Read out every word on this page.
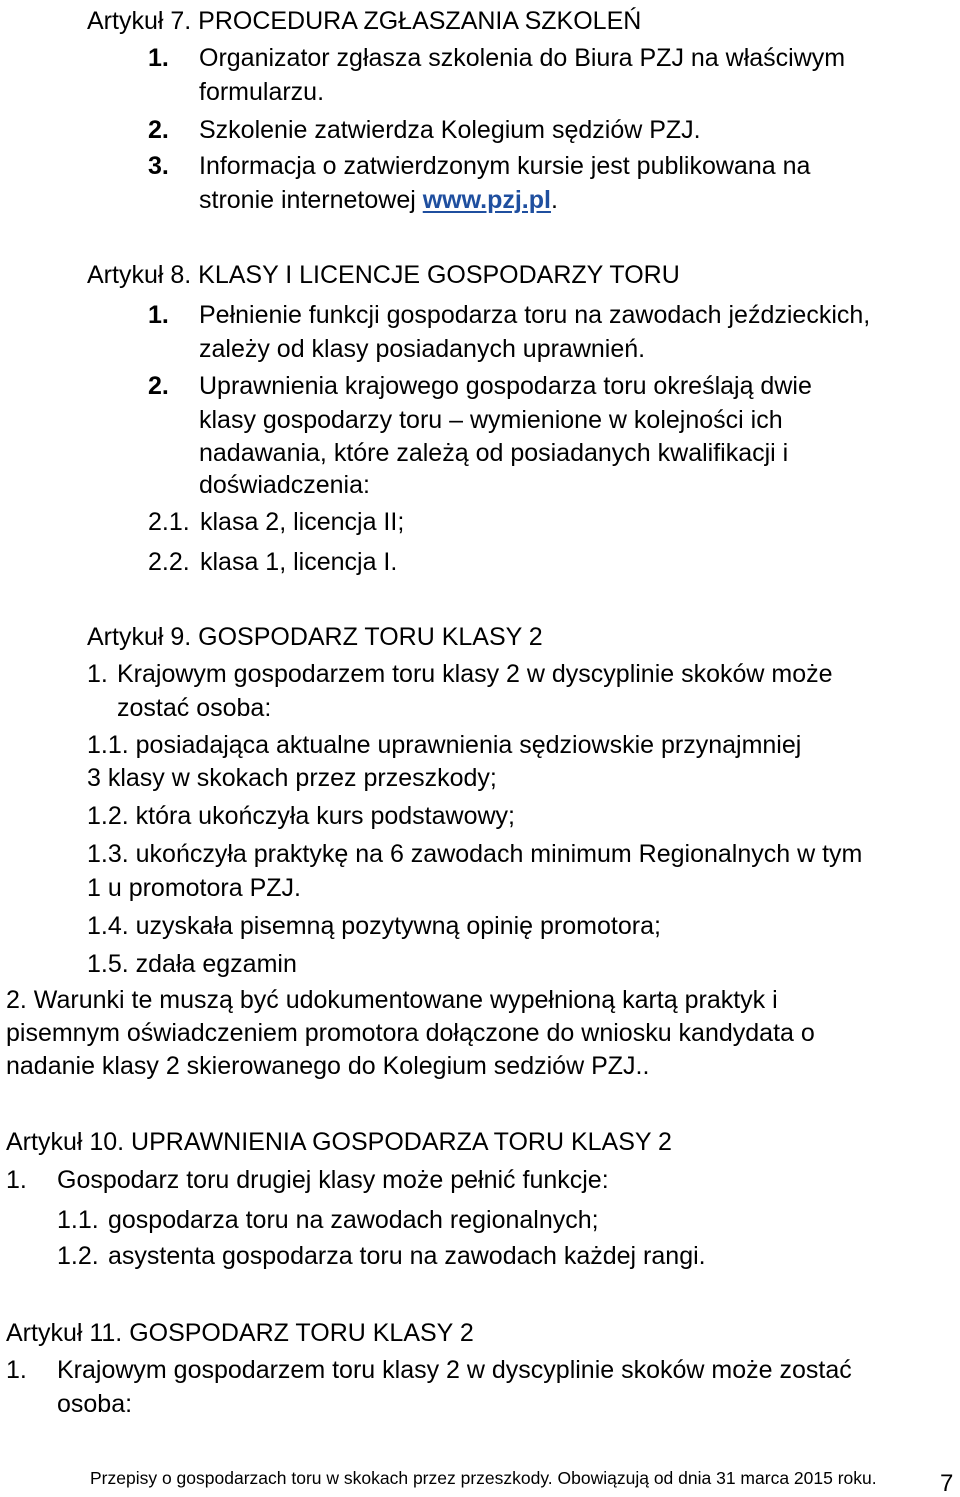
Artykuł 7. PROCEDURA ZGŁASZANIA SZKOLEŃ
1. Organizator zgłasza szkolenia do Biura PZJ na właściwym
formularzu.
2. Szkolenie zatwierdza Kolegium sędziów PZJ.
3. Informacja o zatwierdzonym kursie jest publikowana na
stronie internetowej www.pzj.pl.
Artykuł 8. KLASY I LICENCJE GOSPODARZY TORU
1. Pełnienie funkcji gospodarza toru na zawodach jeździeckich,
zależy od klasy posiadanych uprawnień.
2. Uprawnienia krajowego gospodarza toru określają dwie
klasy gospodarzy toru – wymienione w kolejności ich
nadawania, które zależą od posiadanych kwalifikacji i
doświadczenia:
2.1. klasa 2, licencja II;
2.2. klasa 1, licencja I.
Artykuł 9. GOSPODARZ TORU KLASY 2
1. Krajowym gospodarzem toru klasy 2 w dyscyplinie skoków może
zostać osoba:
1.1. posiadająca aktualne uprawnienia sędziowskie przynajmniej
3 klasy w skokach przez przeszkody;
1.2. która ukończyła kurs podstawowy;
1.3. ukończyła praktykę na 6 zawodach minimum Regionalnych w tym
1 u promotora PZJ.
1.4. uzyskała pisemną pozytywną opinię promotora;
1.5. zdała egzamin
2. Warunki te muszą być udokumentowane wypełnioną kartą praktyk i
pisemnym oświadczeniem promotora dołączone do wniosku kandydata o
nadanie klasy 2 skierowanego do Kolegium sedziów PZJ..
Artykuł 10. UPRAWNIENIA GOSPODARZA TORU KLASY 2
1. Gospodarz toru drugiej klasy może pełnić funkcje:
1.1. gospodarza toru na zawodach regionalnych;
1.2. asystenta gospodarza toru na zawodach każdej rangi.
Artykuł 11. GOSPODARZ TORU KLASY 2
1. Krajowym gospodarzem toru klasy 2 w dyscyplinie skoków może zostać
osoba:
Przepisy o gospodarzach toru w skokach przez przeszkody. Obowiązują od dnia 31 marca 2015 roku.	7
